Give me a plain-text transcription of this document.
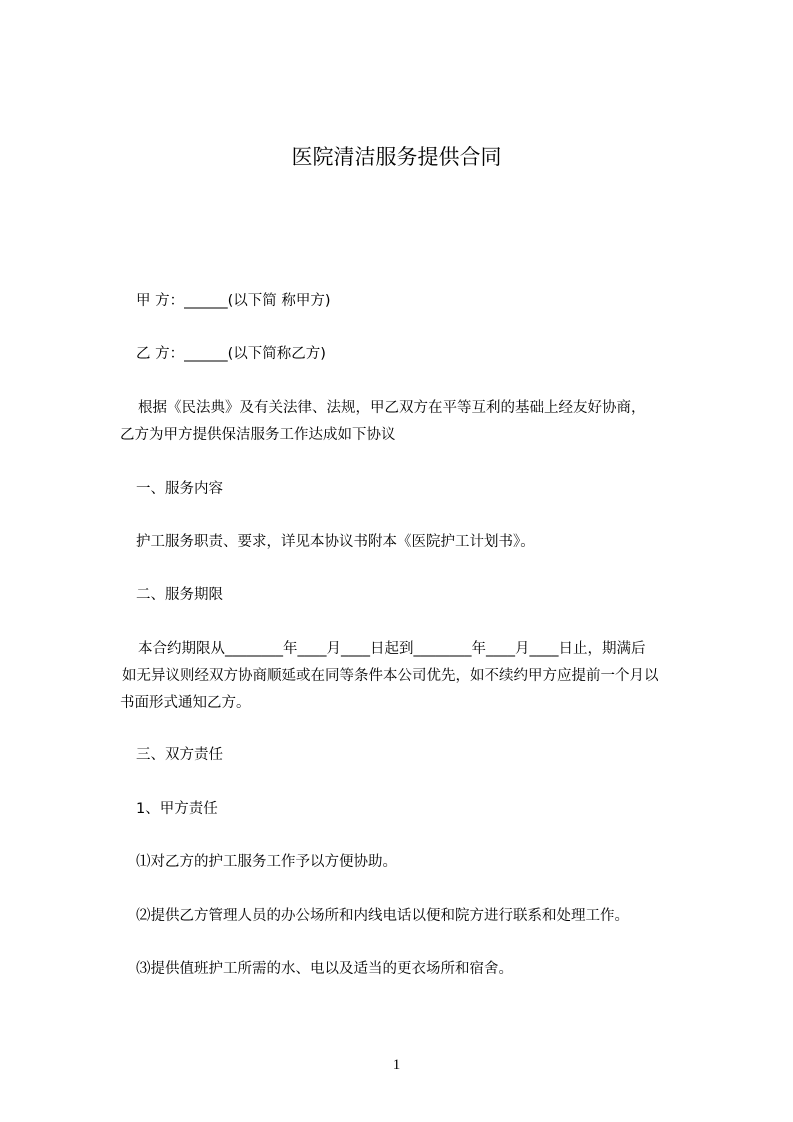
医院清洁服务提供合同
甲 方：______(以下简 称甲方)
乙 方：______(以下简称乙方)
根据《民法典》及有关法律、法规，甲乙双方在平等互利的基础上经友好协商，
乙方为甲方提供保洁服务工作达成如下协议
一、服务内容
护工服务职责、要求，详见本协议书附本《医院护工计划书》。
二、服务期限
本合约期限从________年____月____日起到________年____月____日止，期满后
如无异议则经双方协商顺延或在同等条件本公司优先，如不续约甲方应提前一个月以
书面形式通知乙方。
三、双方责任
1、甲方责任
⑴对乙方的护工服务工作予以方便协助。
⑵提供乙方管理人员的办公场所和内线电话以便和院方进行联系和处理工作。
⑶提供值班护工所需的水、电以及适当的更衣场所和宿舍。
1
